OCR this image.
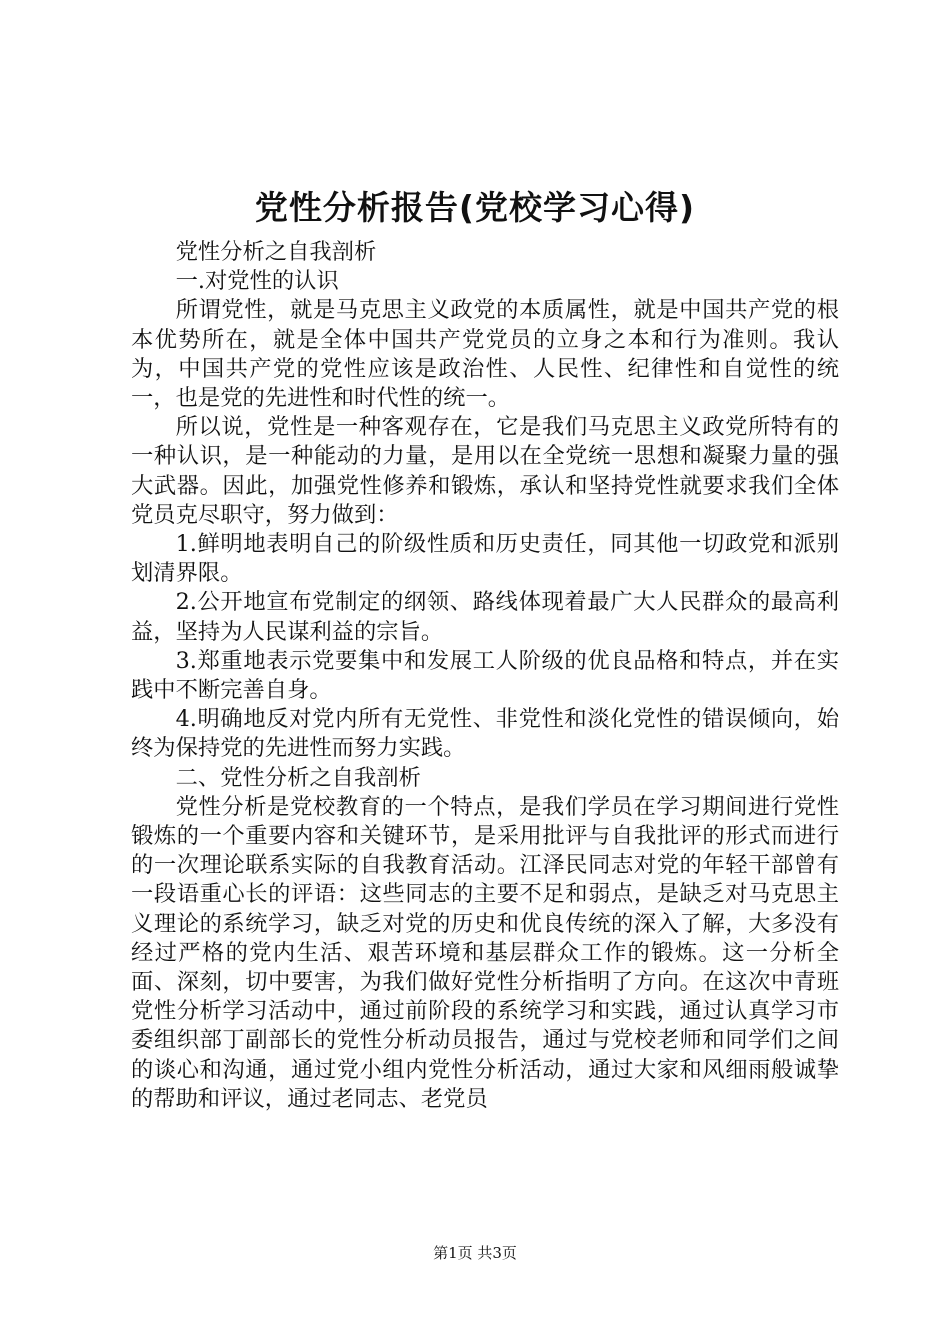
党性分析报告(党校学习心得)

党性分析之自我剖析

一.对党性的认识

所谓党性，就是马克思主义政党的本质属性，就是中国共产党的根本优势所在，就是全体中国共产党党员的立身之本和行为准则。我认为，中国共产党的党性应该是政治性、人民性、纪律性和自觉性的统一，也是党的先进性和时代性的统一。

所以说，党性是一种客观存在，它是我们马克思主义政党所特有的一种认识，是一种能动的力量，是用以在全党统一思想和凝聚力量的强大武器。因此，加强党性修养和锻炼，承认和坚持党性就要求我们全体党员克尽职守，努力做到：

1.鲜明地表明自己的阶级性质和历史责任，同其他一切政党和派别划清界限。

2.公开地宣布党制定的纲领、路线体现着最广大人民群众的最高利益，坚持为人民谋利益的宗旨。

3.郑重地表示党要集中和发展工人阶级的优良品格和特点，并在实践中不断完善自身。

4.明确地反对党内所有无党性、非党性和淡化党性的错误倾向，始终为保持党的先进性而努力实践。

二、党性分析之自我剖析

党性分析是党校教育的一个特点，是我们学员在学习期间进行党性锻炼的一个重要内容和关键环节，是采用批评与自我批评的形式而进行的一次理论联系实际的自我教育活动。江泽民同志对党的年轻干部曾有一段语重心长的评语：这些同志的主要不足和弱点，是缺乏对马克思主义理论的系统学习，缺乏对党的历史和优良传统的深入了解，大多没有经过严格的党内生活、艰苦环境和基层群众工作的锻炼。这一分析全面、深刻，切中要害，为我们做好党性分析指明了方向。在这次中青班党性分析学习活动中，通过前阶段的系统学习和实践，通过认真学习市委组织部丁副部长的党性分析动员报告，通过与党校老师和同学们之间的谈心和沟通，通过党小组内党性分析活动，通过大家和风细雨般诚挚的帮助和评议，通过老同志、老党员

第1页 共3页
